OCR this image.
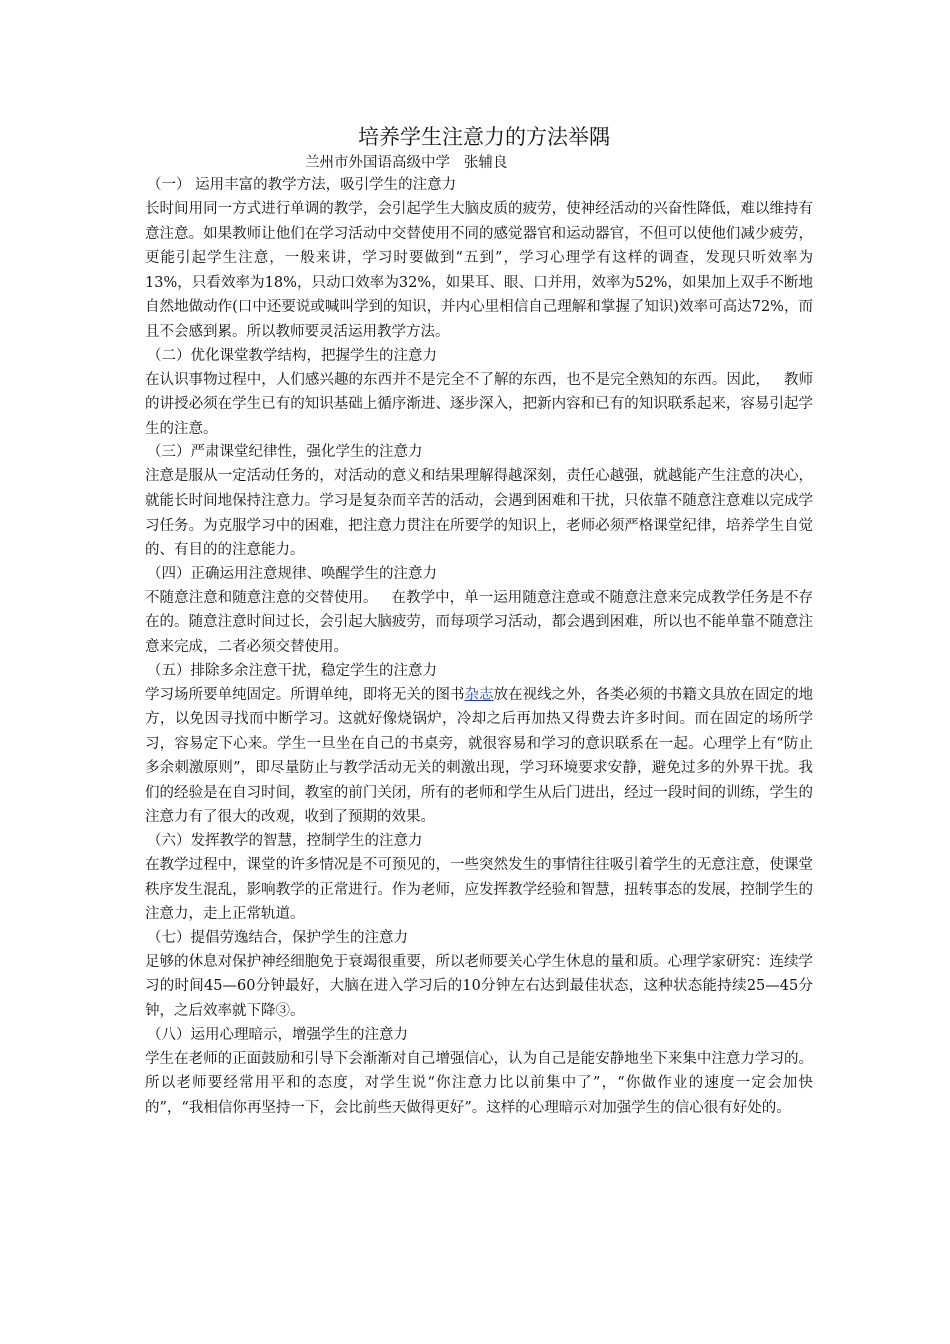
培养学生注意力的方法举隅

兰州市外国语高级中学   张辅良

（一） 运用丰富的教学方法，吸引学生的注意力

长时间用同一方式进行单调的教学，会引起学生大脑皮质的疲劳，使神经活动的兴奋性降低，难以维持有意注意。如果教师让他们在学习活动中交替使用不同的感觉器官和运动器官，不但可以使他们减少疲劳，更能引起学生注意，一般来讲，学习时要做到“五到”，学习心理学有这样的调查，发现只听效率为13%，只看效率为18%，只动口效率为32%，如果耳、眼、口并用，效率为52%，如果加上双手不断地自然地做动作(口中还要说或喊叫学到的知识，并内心里相信自己理解和掌握了知识)效率可高达72%，而且不会感到累。所以教师要灵活运用教学方法。

（二）优化课堂教学结构，把握学生的注意力

在认识事物过程中，人们感兴趣的东西并不是完全不了解的东西，也不是完全熟知的东西。因此，   教师的讲授必须在学生已有的知识基础上循序渐进、逐步深入，把新内容和已有的知识联系起来，容易引起学生的注意。

（三）严肃课堂纪律性，强化学生的注意力

注意是服从一定活动任务的，对活动的意义和结果理解得越深刻，责任心越强，就越能产生注意的决心，就能长时间地保持注意力。学习是复杂而辛苦的活动，会遇到困难和干扰，只依靠不随意注意难以完成学习任务。为克服学习中的困难，把注意力贯注在所要学的知识上，老师必须严格课堂纪律，培养学生自觉的、有目的的注意能力。

（四）正确运用注意规律、唤醒学生的注意力

不随意注意和随意注意的交替使用。   在教学中，单一运用随意注意或不随意注意来完成教学任务是不存在的。随意注意时间过长，会引起大脑疲劳，而每项学习活动，都会遇到困难，所以也不能单靠不随意注意来完成，二者必须交替使用。

（五）排除多余注意干扰，稳定学生的注意力

学习场所要单纯固定。所谓单纯，即将无关的图书杂志放在视线之外，各类必须的书籍文具放在固定的地方，以免因寻找而中断学习。这就好像烧锅炉，冷却之后再加热又得费去许多时间。而在固定的场所学习，容易定下心来。学生一旦坐在自己的书桌旁，就很容易和学习的意识联系在一起。心理学上有“防止多余刺激原则”，即尽量防止与教学活动无关的刺激出现，学习环境要求安静，避免过多的外界干扰。我们的经验是在自习时间，教室的前门关闭，所有的老师和学生从后门进出，经过一段时间的训练，学生的注意力有了很大的改观，收到了预期的效果。

（六）发挥教学的智慧，控制学生的注意力

在教学过程中，课堂的许多情况是不可预见的，一些突然发生的事情往往吸引着学生的无意注意，使课堂秩序发生混乱，影响教学的正常进行。作为老师，应发挥教学经验和智慧，扭转事态的发展，控制学生的注意力，走上正常轨道。

（七）提倡劳逸结合，保护学生的注意力

足够的休息对保护神经细胞免于衰竭很重要，所以老师要关心学生休息的量和质。心理学家研究：连续学习的时间45—60分钟最好，大脑在进入学习后的10分钟左右达到最佳状态，这种状态能持续25—45分钟，之后效率就下降③。

（八）运用心理暗示，增强学生的注意力

学生在老师的正面鼓励和引导下会渐渐对自己增强信心，认为自己是能安静地坐下来集中注意力学习的。所以老师要经常用平和的态度，对学生说“你注意力比以前集中了”，“你做作业的速度一定会加快的”，“我相信你再坚持一下，会比前些天做得更好”。这样的心理暗示对加强学生的信心很有好处的。
